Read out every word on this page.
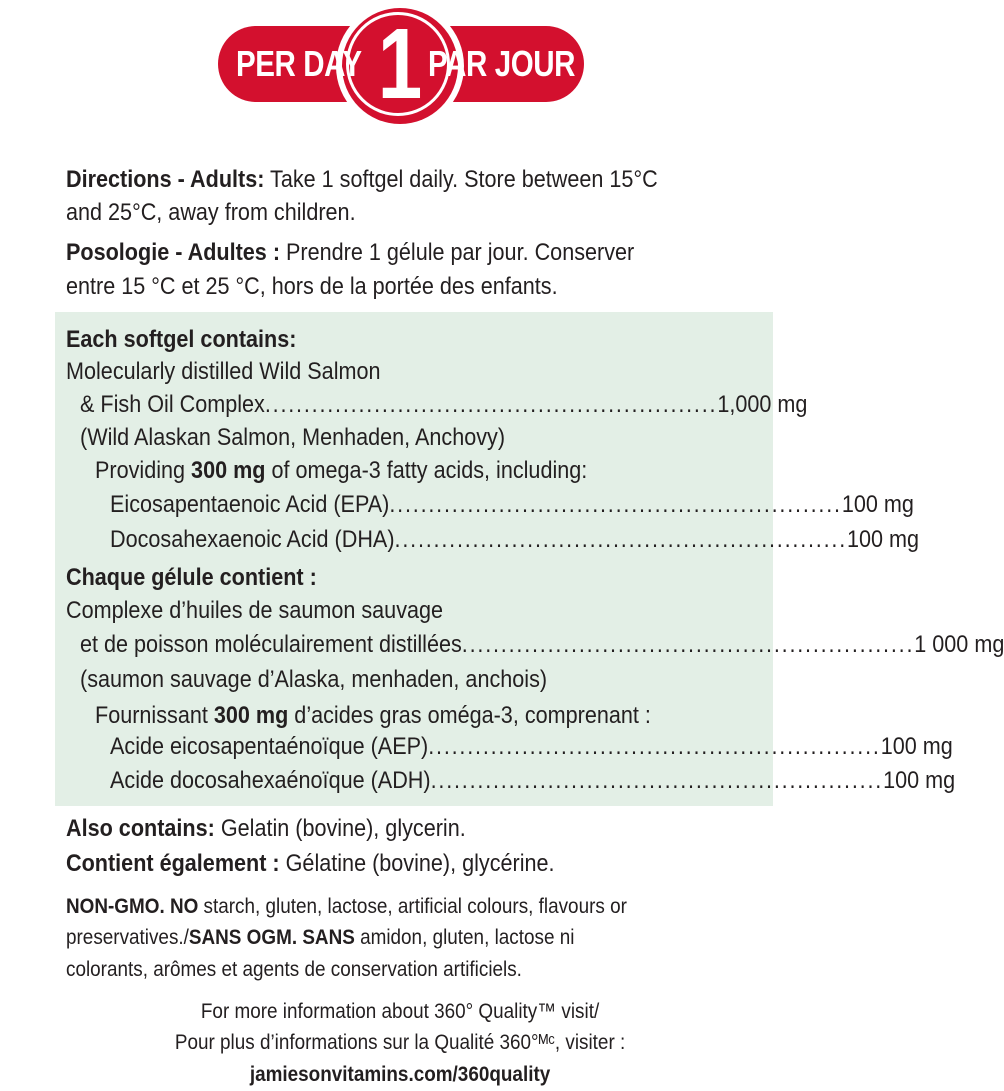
PER DAY 1 PAR JOUR
Directions - Adults: Take 1 softgel daily. Store between 15°C
and 25°C, away from children.
Posologie - Adultes : Prendre 1 gélule par jour. Conserver
entre 15 °C et 25 °C, hors de la portée des enfants.
Each softgel contains:
Molecularly distilled Wild Salmon
& Fish Oil Complex .......................................................... 1,000 mg
(Wild Alaskan Salmon, Menhaden, Anchovy)
Providing 300 mg of omega-3 fatty acids, including:
Eicosapentaenoic Acid (EPA) .......................................................... 100 mg
Docosahexaenoic Acid (DHA) .......................................................... 100 mg
Chaque gélule contient :
Complexe d’huiles de saumon sauvage
et de poisson moléculairement distillées .......................................................... 1 000 mg
(saumon sauvage d’Alaska, menhaden, anchois)
Fournissant 300 mg d’acides gras oméga-3, comprenant :
Acide eicosapentaénoïque (AEP) .......................................................... 100 mg
Acide docosahexaénoïque (ADH) .......................................................... 100 mg
Also contains: Gelatin (bovine), glycerin.
Contient également : Gélatine (bovine), glycérine.
NON-GMO. NO starch, gluten, lactose, artificial colours, flavours or
preservatives./SANS OGM. SANS amidon, gluten, lactose ni
colorants, arômes et agents de conservation artificiels.
For more information about 360° Quality™ visit/
Pour plus d’informations sur la Qualité 360°ᴹᶜ, visiter :
jamiesonvitamins.com/360quality
